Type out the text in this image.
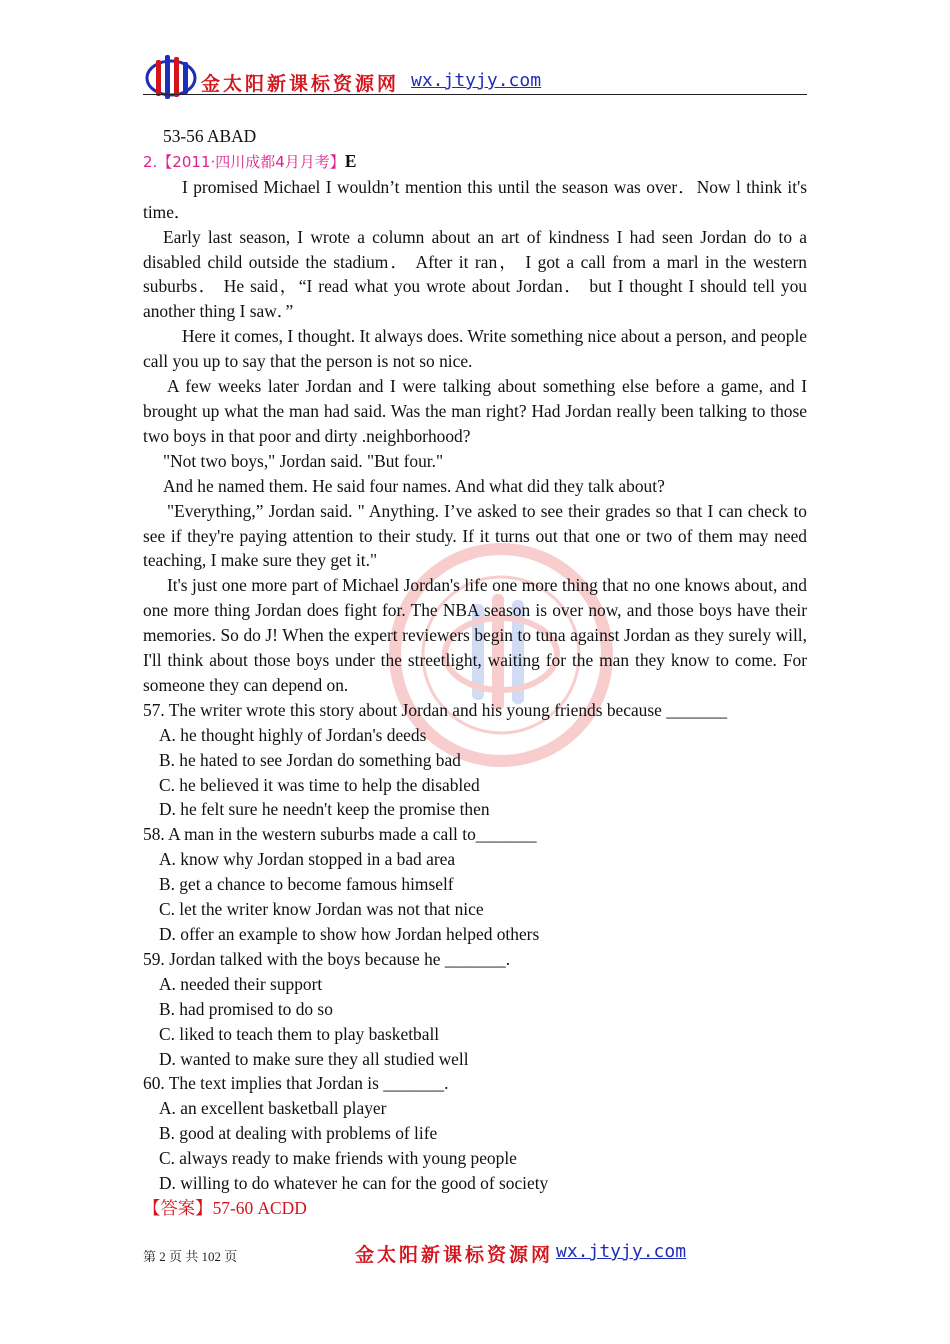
金太阳新课标资源网 wx.jtyjy.com

53-56 ABAD

2.【2011·四川成都4月月考】E

I promised Michael I wouldn’t mention this until the season was over．Now l think it's time．

Early last season, I wrote a column about an art of kindness I had seen Jordan do to a disabled child outside the stadium． After it ran， I got a call from a marl in the western suburbs． He said，“I read what you wrote about Jordan． but I thought I should tell you another thing I saw．”

Here it comes, I thought. It always does. Write something nice about a person, and people call you up to say that the person is not so nice.

A few weeks later Jordan and I were talking about something else before a game, and I brought up what the man had said. Was the man right? Had Jordan really been talking to those two boys in that poor and dirty .neighborhood?

"Not two boys," Jordan said. "But four."

And he named them. He said four names. And what did they talk about?

"Everything,” Jordan said. " Anything. I’ve asked to see their grades so that I can check to see if they're paying attention to their study. If it turns out that one or two of them may need teaching, I make sure they get it."

It's just one more part of Michael Jordan's life one more thing that no one knows about, and one more thing Jordan does fight for. The NBA season is over now, and those boys have their memories. So do J! When the expert reviewers begin to tuna against Jordan as they surely will, I'll think about those boys under the streetlight, waiting for the man they know to come. For someone they can depend on.

57. The writer wrote this story about Jordan and his young friends because _______

A. he thought highly of Jordan's deeds

B. he hated to see Jordan do something bad

C. he believed it was time to help the disabled

D. he felt sure he needn't keep the promise then

58. A man in the western suburbs made a call to_______

A. know why Jordan stopped in a bad area

B. get a chance to become famous himself

C. let the writer know Jordan was not that nice

D. offer an example to show how Jordan helped others

59. Jordan talked with the boys because he _______.

A. needed their support

B. had promised to do so

C. liked to teach them to play basketball

D. wanted to make sure they all studied well

60. The text implies that Jordan is _______.

A. an excellent basketball player

B. good at dealing with problems of life

C. always ready to make friends with young people

D. willing to do whatever he can for the good of society

【答案】57-60 ACDD

第 2 页 共 102 页	金太阳新课标资源网 wx.jtyjy.com
